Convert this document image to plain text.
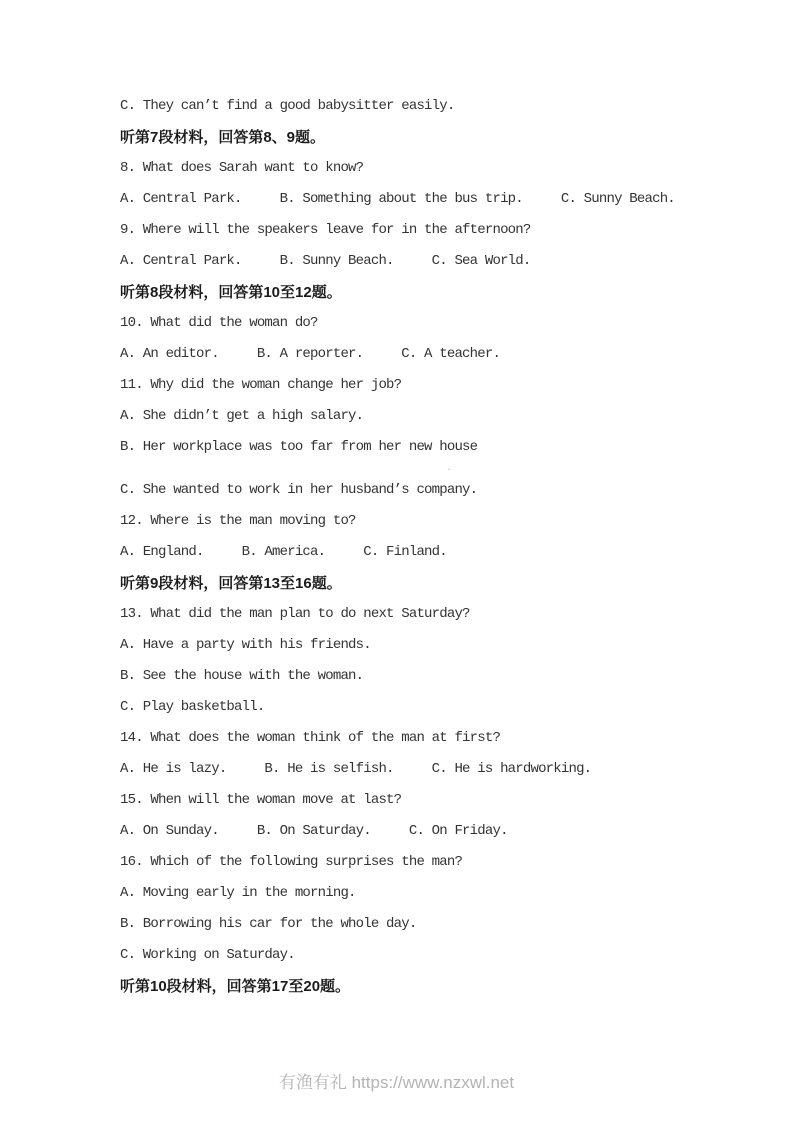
C. They can’t find a good babysitter easily.

听第7段材料，回答第8、9题。

8. What does Sarah want to know?

A. Central Park.     B. Something about the bus trip.     C. Sunny Beach.

9. Where will the speakers leave for in the afternoon?

A. Central Park.     B. Sunny Beach.     C. Sea World.

听第8段材料，回答第10至12题。

10. What did the woman do?

A. An editor.     B. A reporter.     C. A teacher.

11. Why did the woman change her job?

A. She didn’t get a high salary.

B. Her workplace was too far from her new house

.

C. She wanted to work in her husband’s company.

12. Where is the man moving to?

A. England.     B. America.     C. Finland.

听第9段材料，回答第13至16题。

13. What did the man plan to do next Saturday?

A. Have a party with his friends.

B. See the house with the woman.

C. Play basketball.

14. What does the woman think of the man at first?

A. He is lazy.     B. He is selfish.     C. He is hardworking.

15. When will the woman move at last?

A. On Sunday.     B. On Saturday.     C. On Friday.

16. Which of the following surprises the man?

A. Moving early in the morning.

B. Borrowing his car for the whole day.

C. Working on Saturday.

听第10段材料，回答第17至20题。

有渔有礼 https://www.nzxwl.net
